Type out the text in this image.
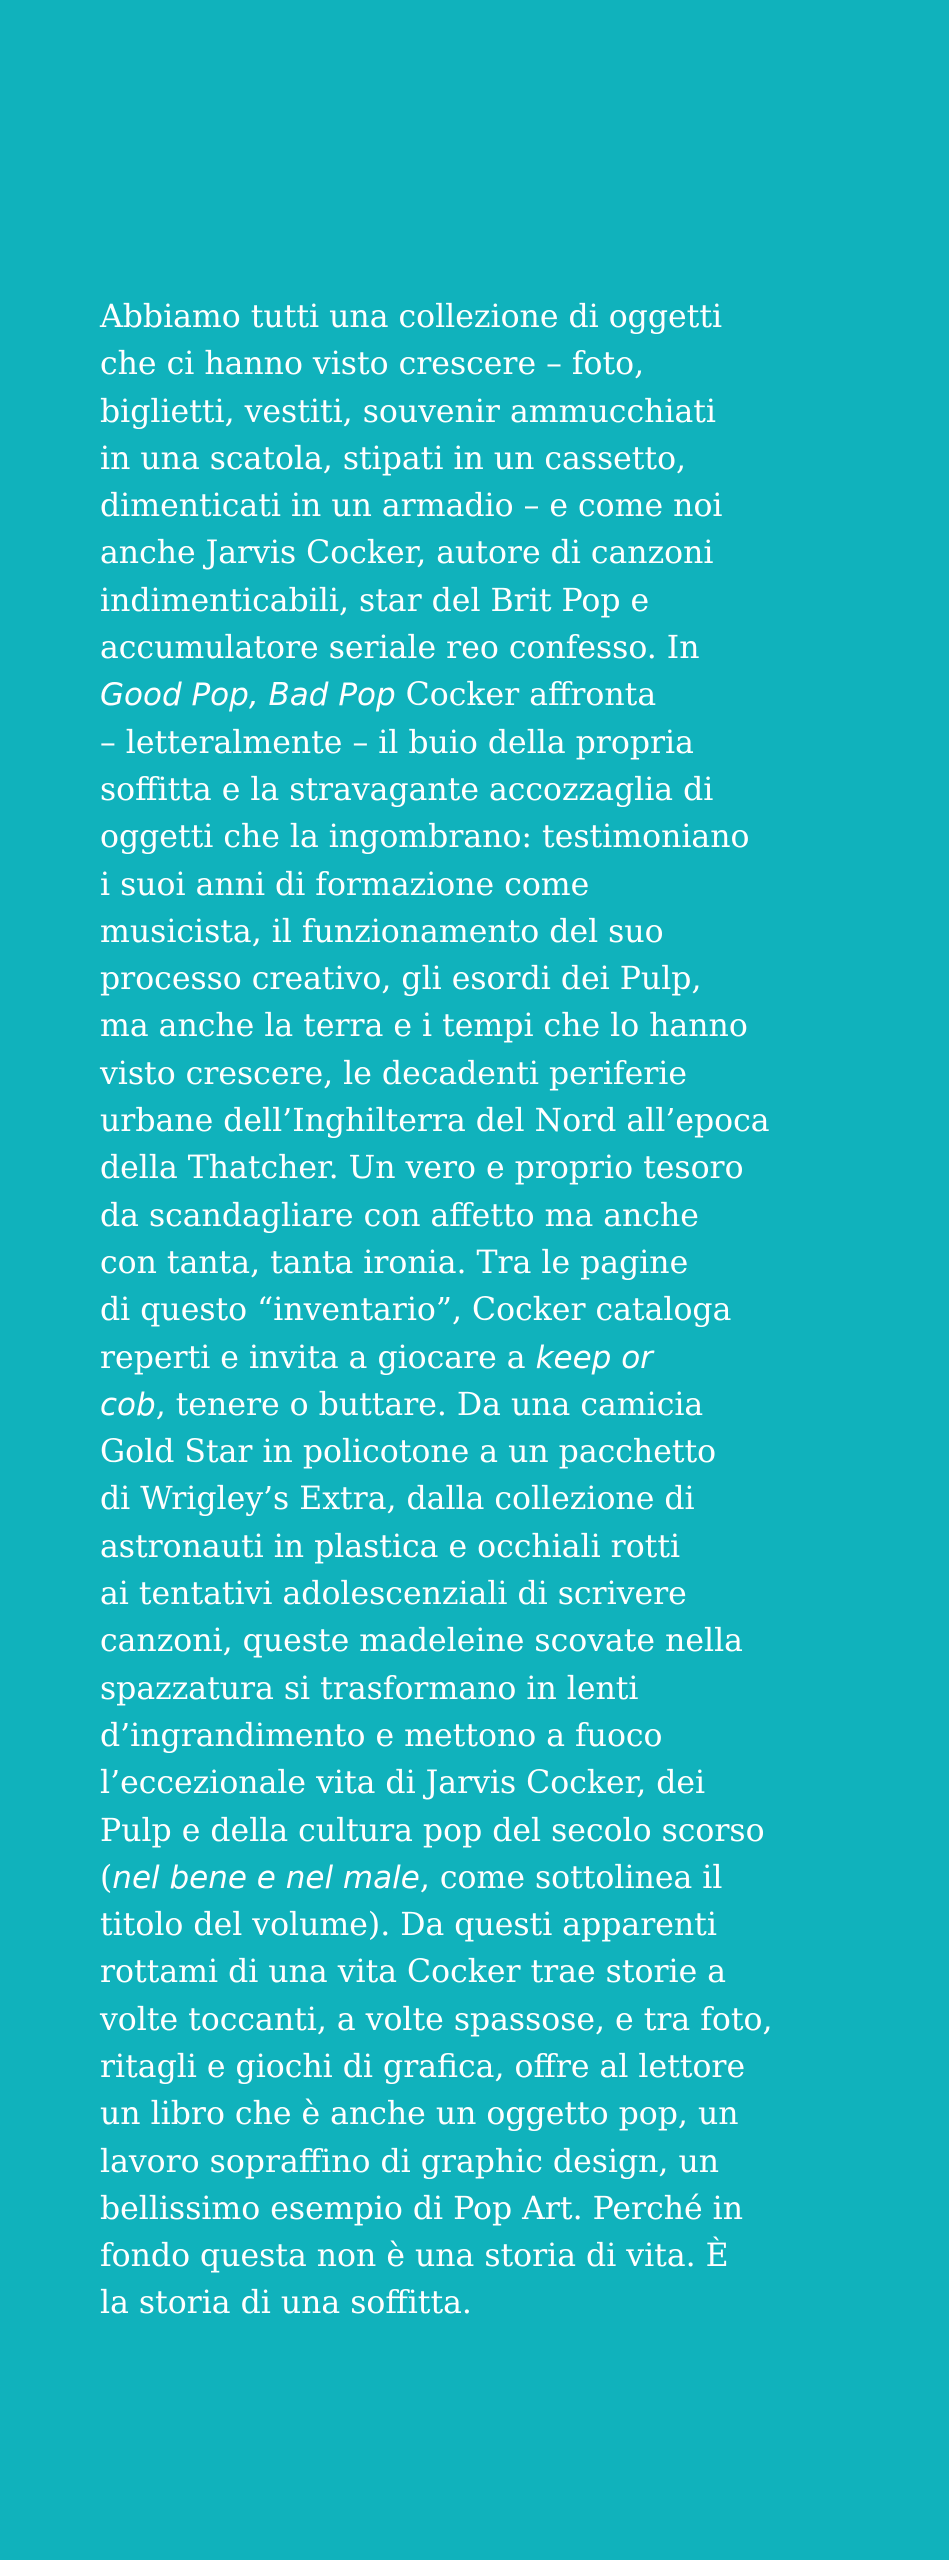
Abbiamo tutti una collezione di oggetti
che ci hanno visto crescere – foto,
biglietti, vestiti, souvenir ammucchiati
in una scatola, stipati in un cassetto,
dimenticati in un armadio – e come noi
anche Jarvis Cocker, autore di canzoni
indimenticabili, star del Brit Pop e
accumulatore seriale reo confesso. In
Good Pop, Bad Pop Cocker affronta
– letteralmente – il buio della propria
soffitta e la stravagante accozzaglia di
oggetti che la ingombrano: testimoniano
i suoi anni di formazione come
musicista, il funzionamento del suo
processo creativo, gli esordi dei Pulp,
ma anche la terra e i tempi che lo hanno
visto crescere, le decadenti periferie
urbane dell’Inghilterra del Nord all’epoca
della Thatcher. Un vero e proprio tesoro
da scandagliare con affetto ma anche
con tanta, tanta ironia. Tra le pagine
di questo “inventario”, Cocker cataloga
reperti e invita a giocare a keep or
cob, tenere o buttare. Da una camicia
Gold Star in policotone a un pacchetto
di Wrigley’s Extra, dalla collezione di
astronauti in plastica e occhiali rotti
ai tentativi adolescenziali di scrivere
canzoni, queste madeleine scovate nella
spazzatura si trasformano in lenti
d’ingrandimento e mettono a fuoco
l’eccezionale vita di Jarvis Cocker, dei
Pulp e della cultura pop del secolo scorso
(nel bene e nel male, come sottolinea il
titolo del volume). Da questi apparenti
rottami di una vita Cocker trae storie a
volte toccanti, a volte spassose, e tra foto,
ritagli e giochi di grafica, offre al lettore
un libro che è anche un oggetto pop, un
lavoro sopraffino di graphic design, un
bellissimo esempio di Pop Art. Perché in
fondo questa non è una storia di vita. È
la storia di una soffitta.
